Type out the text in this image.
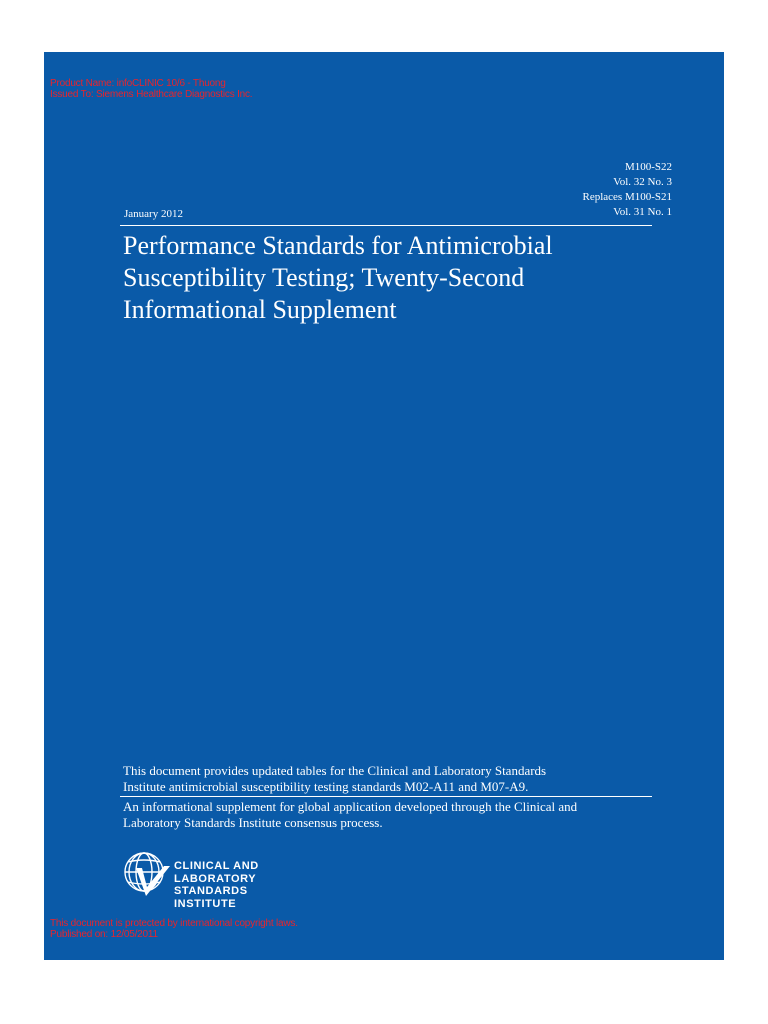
Product Name: infoCLINIC 10/6 - Thuong
Issued To: Siemens Healthcare Diagnostics Inc.
M100-S22
Vol. 32 No. 3
Replaces M100-S21
Vol. 31 No. 1
January 2012
Performance Standards for Antimicrobial
Susceptibility Testing; Twenty-Second
Informational Supplement
This document provides updated tables for the Clinical and Laboratory Standards
Institute antimicrobial susceptibility testing standards M02-A11 and M07-A9.
An informational supplement for global application developed through the Clinical and
Laboratory Standards Institute consensus process.
CLINICAL AND
LABORATORY
STANDARDS
INSTITUTE
This document is protected by international copyright laws.
Published on: 12/05/2011
